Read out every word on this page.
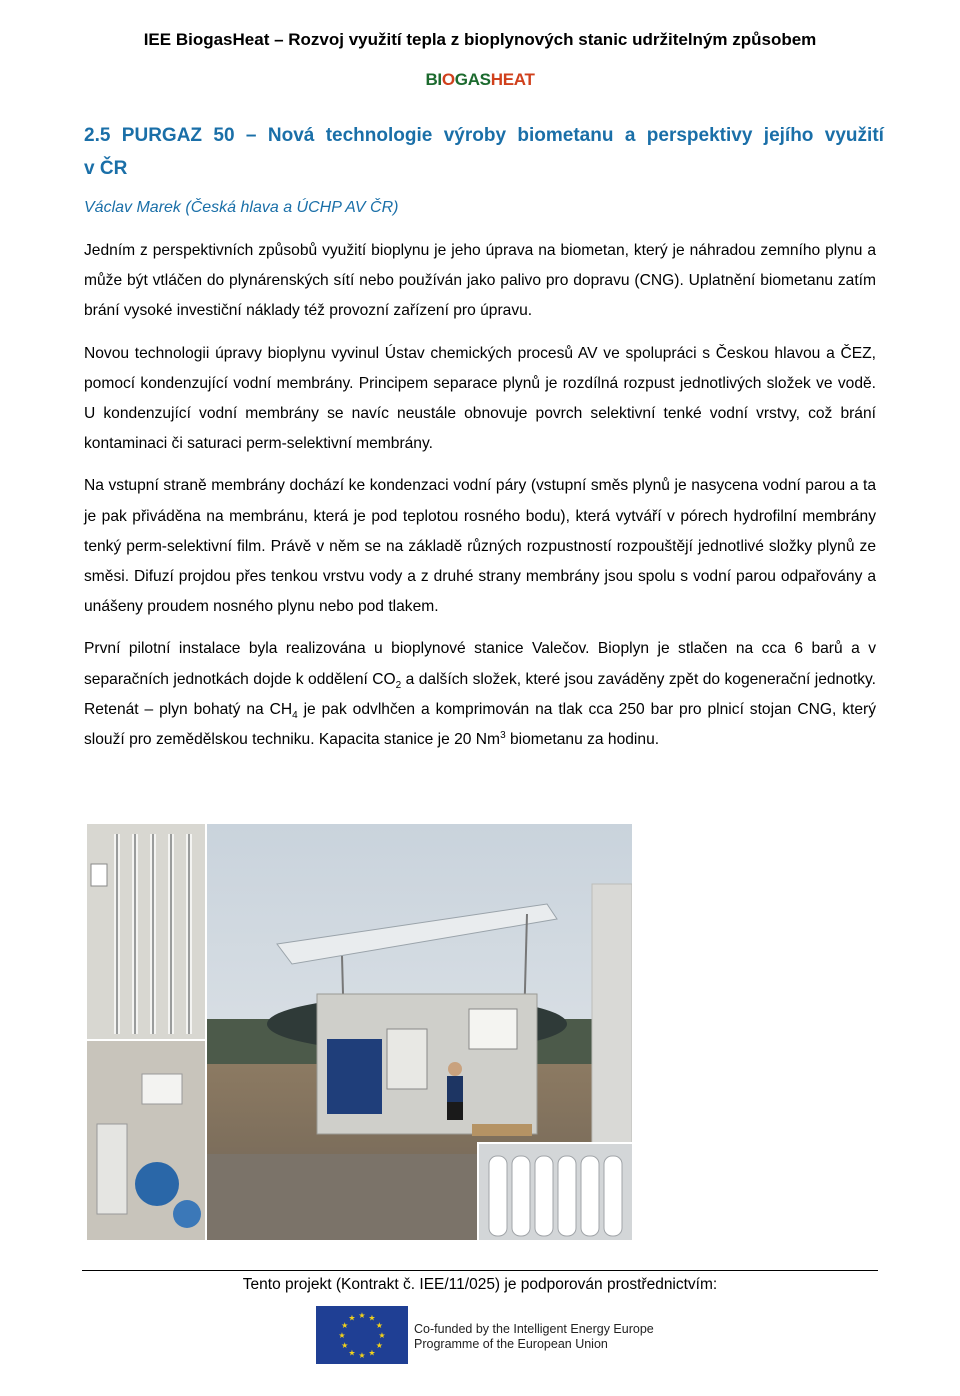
IEE BiogasHeat – Rozvoj využití tepla z bioplynových stanic udržitelným způsobem
BIOGASHEAT
2.5 PURGAZ 50 – Nová technologie výroby biometanu a perspektivy jejího využití
v ČR
Václav Marek (Česká hlava a ÚCHP AV ČR)

Jedním z perspektivních způsobů využití bioplynu je jeho úprava na biometan, který je náhradou zemního plynu a může být vtláčen do plynárenských sítí nebo používán jako palivo pro dopravu (CNG). Uplatnění biometanu zatím brání vysoké investiční náklady též provozní zařízení pro úpravu.

Novou technologii úpravy bioplynu vyvinul Ústav chemických procesů AV ve spolupráci s Českou hlavou a ČEZ, pomocí kondenzující vodní membrány. Principem separace plynů je rozdílná rozpust jednotlivých složek ve vodě. U kondenzující vodní membrány se navíc neustále obnovuje povrch selektivní tenké vodní vrstvy, což brání kontaminaci či saturaci perm-selektivní membrány.

Na vstupní straně membrány dochází ke kondenzaci vodní páry (vstupní směs plynů je nasycena vodní parou a ta je pak přiváděna na membránu, která je pod teplotou rosného bodu), která vytváří v pórech hydrofilní membrány tenký perm-selektivní film. Právě v něm se na základě různých rozpustností rozpouštějí jednotlivé složky plynů ze směsi. Difuzí projdou přes tenkou vrstvu vody a z druhé strany membrány jsou spolu s vodní parou odpařovány a unášeny proudem nosného plynu nebo pod tlakem.

První pilotní instalace byla realizována u bioplynové stanice Valečov. Bioplyn je stlačen na cca 6 barů a v separačních jednotkách dojde k oddělení $CO_2$ a dalších složek, které jsou zaváděny zpět do kogenerační jednotky. Retenát – plyn bohatý na $CH_4$ je pak odvlhčen a komprimován na tlak cca 250 bar pro plnicí stojan CNG, který slouží pro zemědělskou techniku. Kapacita stanice je 20 Nm$^3$ biometanu za hodinu.

Tento projekt (Kontrakt č. IEE/11/025) je podporován prostřednictvím:
★ ★
★
★
★
★
★
★
★
★
★
★
Co-funded by the Intelligent Energy Europe
Programme of the European Union
